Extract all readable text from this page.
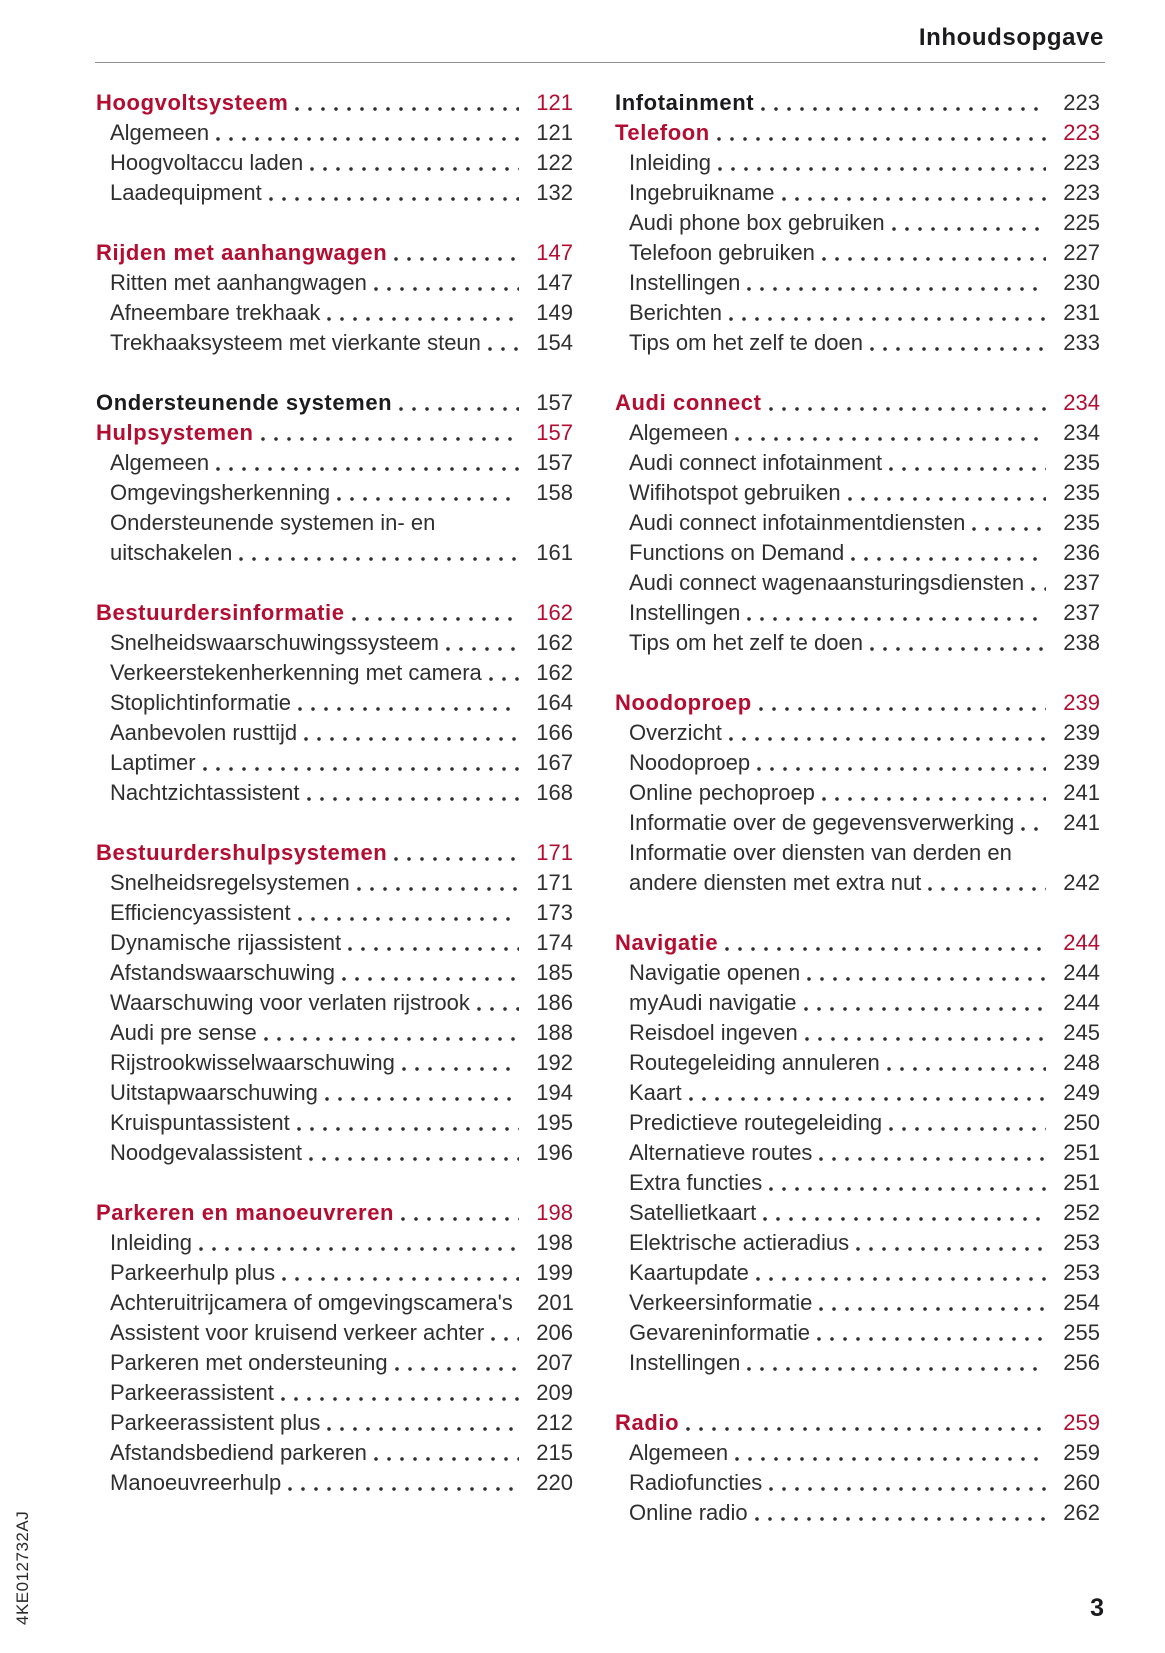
Inhoudsopgave
Hoogvoltsysteem	121
Algemeen	121
Hoogvoltaccu laden	122
Laadequipment	132
Rijden met aanhangwagen	147
Ritten met aanhangwagen	147
Afneembare trekhaak	149
Trekhaaksysteem met vierkante steun	154
Ondersteunende systemen	157
Hulpsystemen	157
Algemeen	157
Omgevingsherkenning	158
Ondersteunende systemen in- en
uitschakelen	161
Bestuurdersinformatie	162
Snelheidswaarschuwingssysteem	162
Verkeerstekenherkenning met camera 162
Stoplichtinformatie	164
Aanbevolen rusttijd	166
Laptimer	167
Nachtzichtassistent	168
Bestuurdershulpsystemen	171
Snelheidsregelsystemen	171
Efficiencyassistent	173
Dynamische rijassistent	174
Afstandswaarschuwing	185
Waarschuwing voor verlaten rijstrook	186
Audi pre sense	188
Rijstrookwisselwaarschuwing	192
Uitstapwaarschuwing	194
Kruispuntassistent	195
Noodgevalassistent	196
Parkeren en manoeuvreren	198
Inleiding	198
Parkeerhulp plus	199
Achteruitrijcamera of omgevingscamera's 201
Assistent voor kruisend verkeer achter 206
Parkeren met ondersteuning	207
Parkeerassistent	209
Parkeerassistent plus	212
Afstandsbediend parkeren	215
Manoeuvreerhulp	220
Infotainment	223
Telefoon	223
Inleiding	223
Ingebruikname	223
Audi phone box gebruiken	225
Telefoon gebruiken	227
Instellingen	230
Berichten	231
Tips om het zelf te doen	233
Audi connect	234
Algemeen	234
Audi connect infotainment	235
Wifihotspot gebruiken	235
Audi connect infotainmentdiensten	235
Functions on Demand	236
Audi connect wagenaansturingsdiensten 237
Instellingen	237
Tips om het zelf te doen	238
Noodoproep	239
Overzicht	239
Noodoproep	239
Online pechoproep	241
Informatie over de gegevensverwerking 241
Informatie over diensten van derden en
andere diensten met extra nut	242
Navigatie	244
Navigatie openen	244
myAudi navigatie	244
Reisdoel ingeven	245
Routegeleiding annuleren	248
Kaart	249
Predictieve routegeleiding	250
Alternatieve routes	251
Extra functies	251
Satellietkaart	252
Elektrische actieradius	253
Kaartupdate	253
Verkeersinformatie	254
Gevareninformatie	255
Instellingen	256
Radio	259
Algemeen	259
Radiofuncties	260
Online radio	262
4KE012732AJ	3
